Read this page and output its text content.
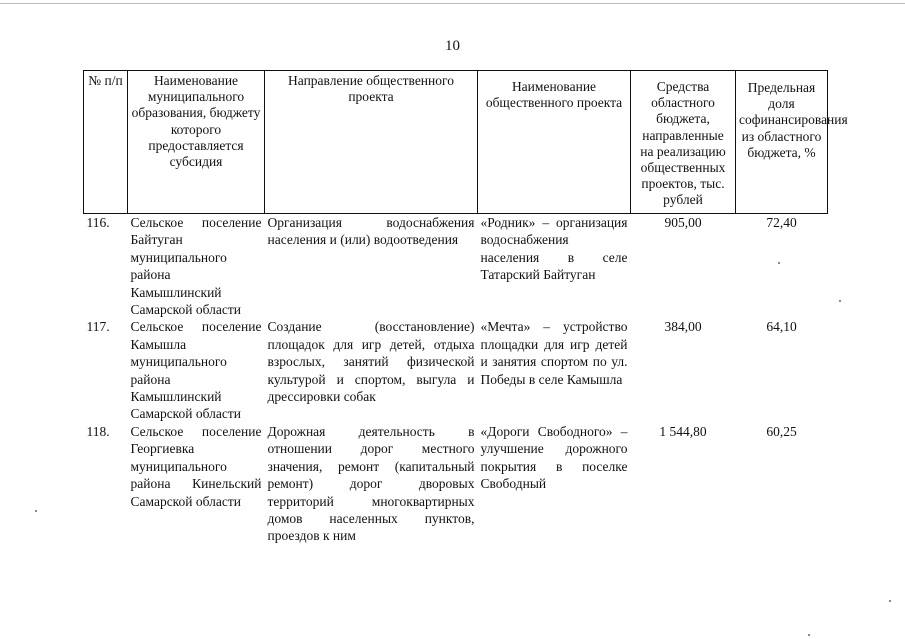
10
№ п/п	Наименование муниципального образования, бюджету которого предоставляется субсидия	Направление общественного проекта	Наименование общественного проекта	Средства областного бюджета, направленные на реализацию общественных проектов, тыс. рублей	Предельная доля софинансирования из областного бюджета, %
116.	Сельское поселение Байтуган муниципального района Камышлинский Самарской области	Организация водоснабжения населения и (или) водоотведения	«Родник» – организация водоснабжения населения в селе Татарский Байтуган	905,00	72,40
117.	Сельское поселение Камышла муниципального района Камышлинский Самарской области	Создание (восстановление) площадок для игр детей, отдыха взрослых, занятий физической культурой и спортом, выгула и дрессировки собак	«Мечта» – устройство площадки для игр детей и занятия спортом по ул. Победы в селе Камышла	384,00	64,10
118.	Сельское поселение Георгиевка муниципального района Кинельский Самарской области	Дорожная деятельность в отношении дорог местного значения, ремонт (капитальный ремонт) дорог дворовых территорий многоквартирных домов населенных пунктов, проездов к ним	«Дороги Свободного» – улучшение дорожного покрытия в поселке Свободный	1 544,80	60,25
